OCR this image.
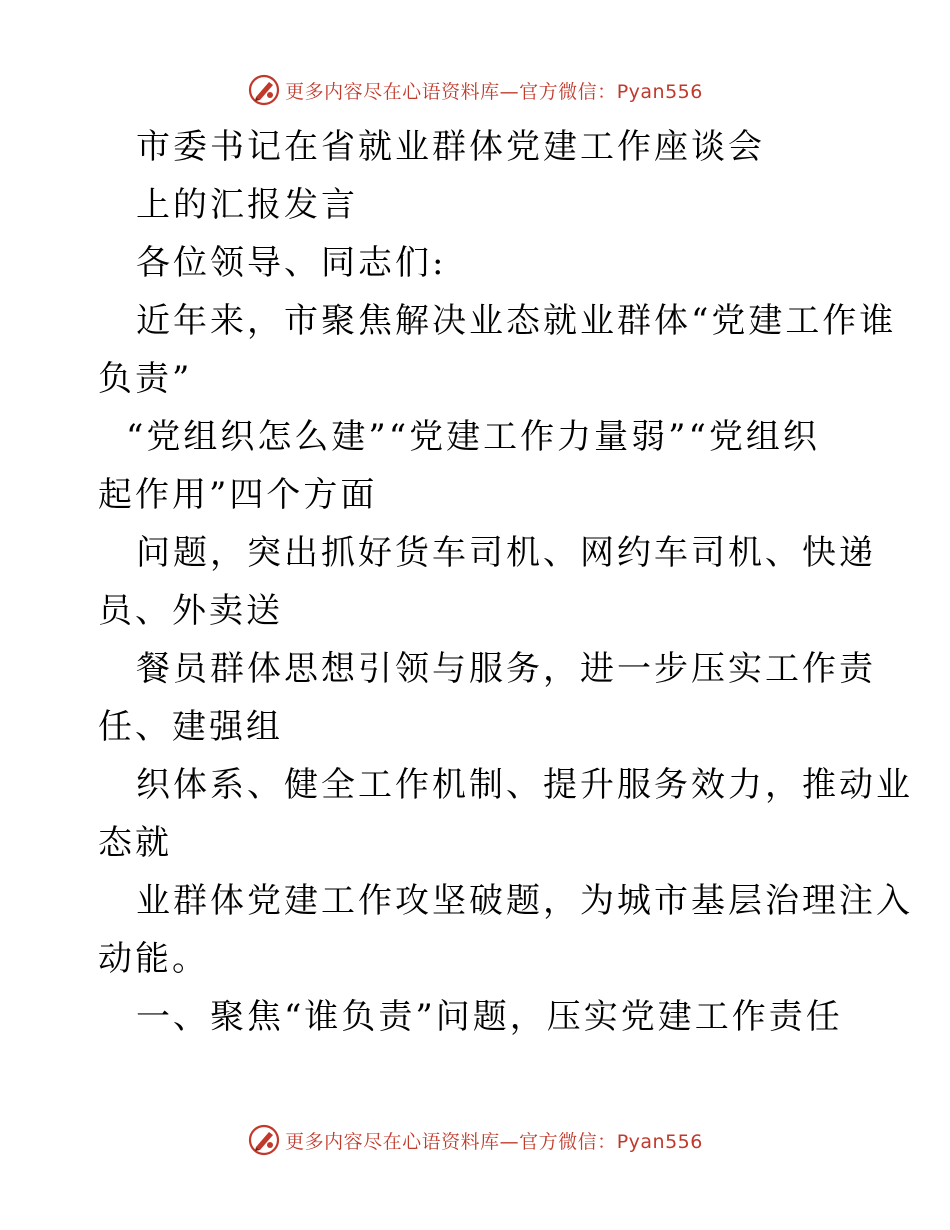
更多内容尽在心语资料库—官方微信：Pyan556
市委书记在省就业群体党建工作座谈会
上的汇报发言
各位领导、同志们:
近年来，市聚焦解决业态就业群体“党建工作谁
负责”
“党组织怎么建”“党建工作力量弱”“党组织
起作用”四个方面
问题，突出抓好货车司机、网约车司机、快递
员、外卖送
餐员群体思想引领与服务，进一步压实工作责
任、建强组
织体系、健全工作机制、提升服务效力，推动业
态就
业群体党建工作攻坚破题，为城市基层治理注入
动能。
一、聚焦“谁负责”问题，压实党建工作责任
更多内容尽在心语资料库—官方微信：Pyan556
